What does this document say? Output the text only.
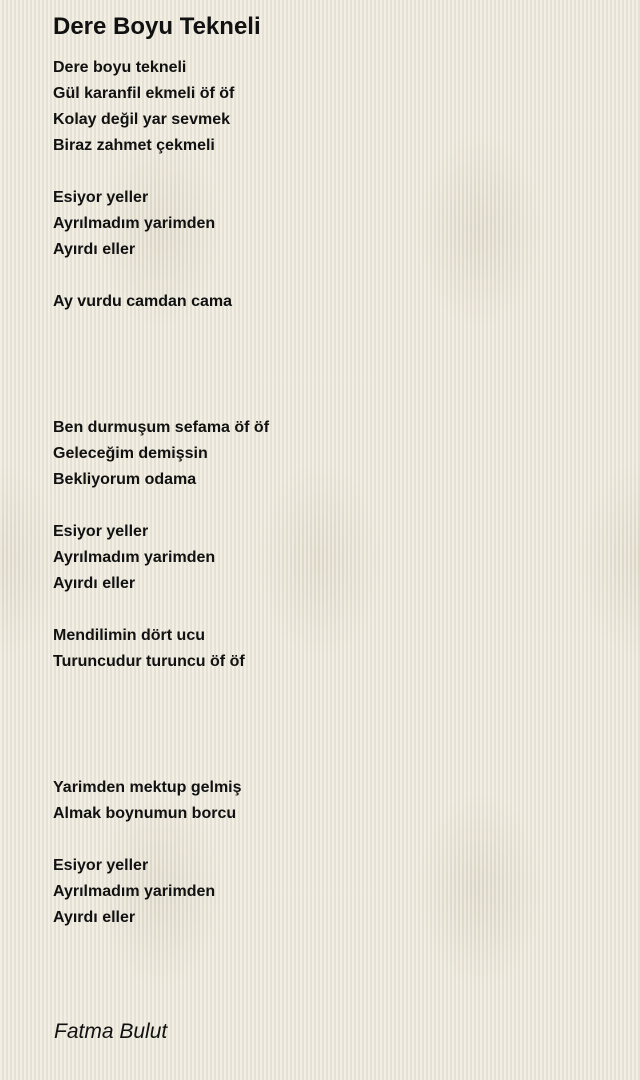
Dere Boyu Tekneli
Dere boyu tekneli
Gül karanfil ekmeli öf öf
Kolay değil yar sevmek
Biraz zahmet çekmeli
Esiyor yeller
Ayrılmadım yarimden
Ayırdı eller
Ay vurdu camdan cama
Ben durmuşum sefama öf öf
Geleceğim demişsin
Bekliyorum odama
Esiyor yeller
Ayrılmadım yarimden
Ayırdı eller
Mendilimin dört ucu
Turuncudur turuncu öf öf
Yarimden mektup gelmiş
Almak boynumun borcu
Esiyor yeller
Ayrılmadım yarimden
Ayırdı eller
Fatma Bulut
